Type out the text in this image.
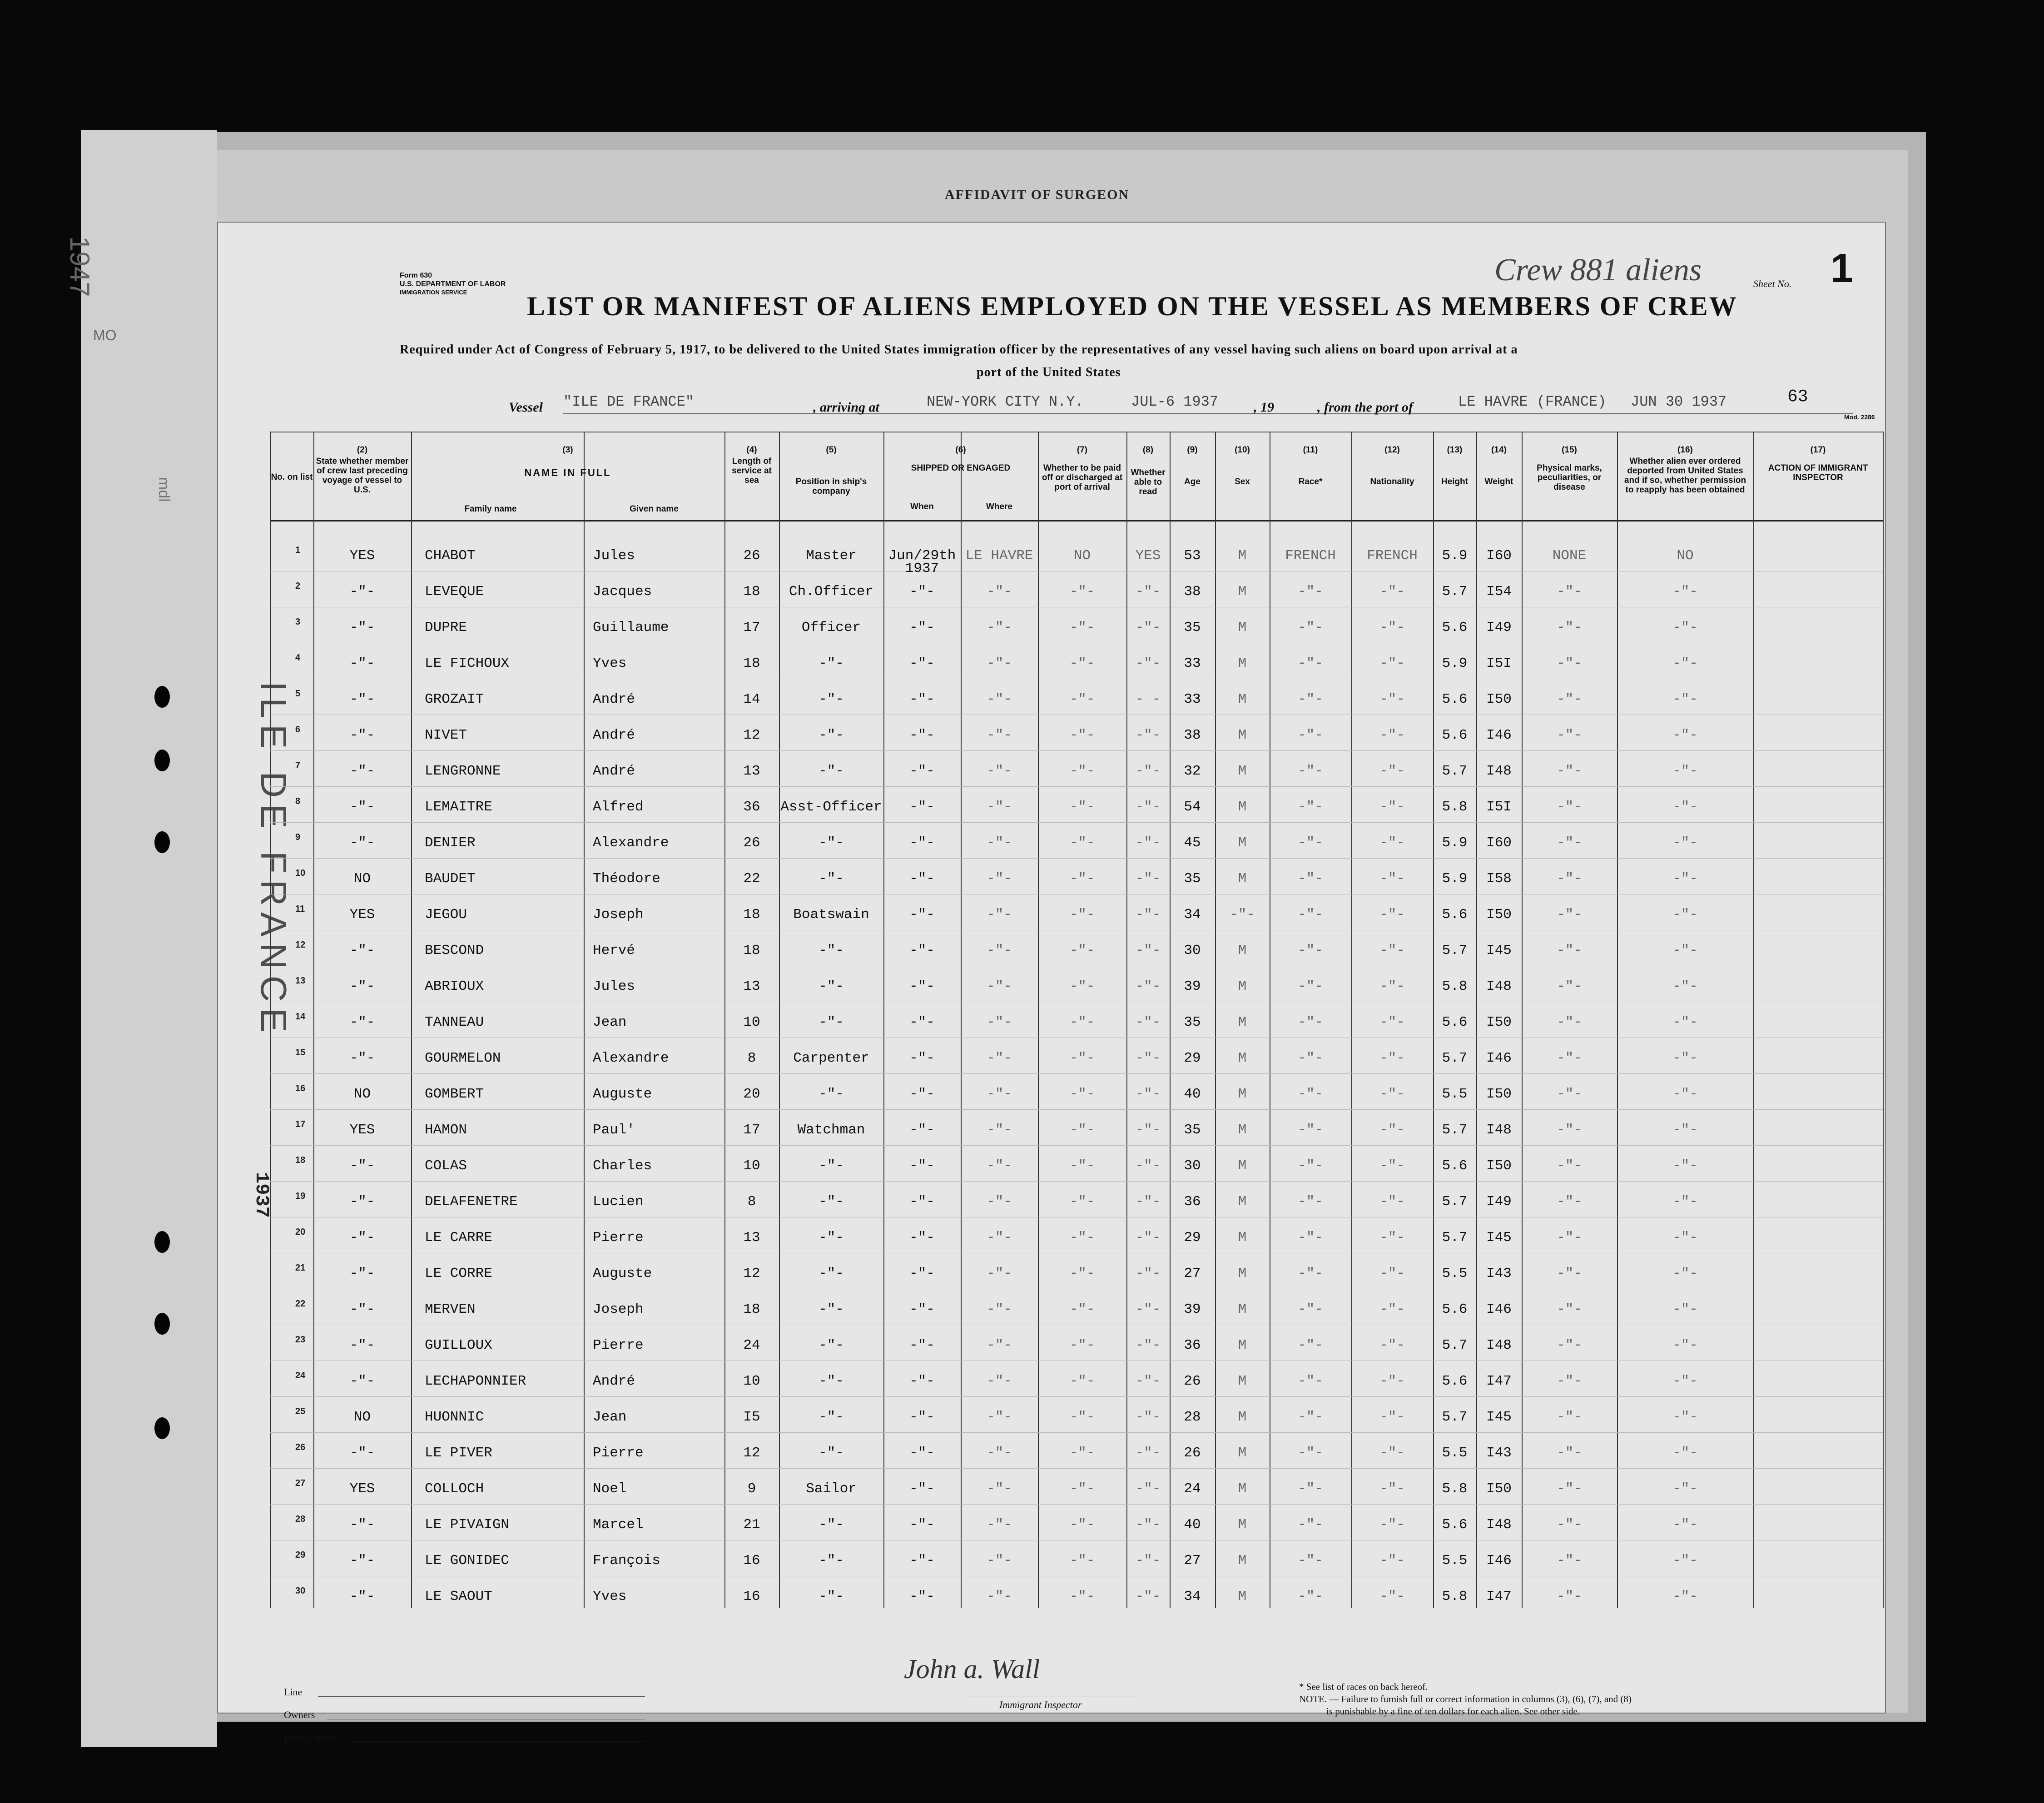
AFFIDAVIT OF SURGEON
1947
MO
mdl
ILE DE FRANCE
1937
Form 630
U.S. DEPARTMENT OF LABOR
IMMIGRATION SERVICE
Crew 881 aliens	Sheet No. 1
LIST OR MANIFEST OF ALIENS EMPLOYED ON THE VESSEL AS MEMBERS OF CREW
Required under Act of Congress of February 5, 1917, to be delivered to the United States immigration officer by the representatives of any vessel having such aliens on board upon arrival at a
port of the United States
Vessel "ILE DE FRANCE"	, arriving at	NEW-YORK CITY N.Y.	JUL-6 1937	, 19	, from the port of	LE HAVRE (FRANCE) JUN 30 1937	63
Mod. 2286
No. on list
(2)
State whether member of crew last preceding voyage of vessel to U.S.
(3)
NAME IN FULL
Family name	Given name
(4)
Length of service at sea
(5)
Position in ship's company
(6)
SHIPPED OR ENGAGED
When	Where
(7)
Whether to be paid off or discharged at port of arrival
(8)
Whether able to read
(9)
Age
(10)
Sex
(11)
Race*
(12)
Nationality
(13)
Height
(14)
Weight
(15)
Physical marks, peculiarities, or disease
(16)
Whether alien ever ordered deported from United States and if so, whether permission to reapply has been obtained
(17)
ACTION OF IMMIGRANT INSPECTOR
1	YES	CHABOT	Jules	26	Master	Jun/29th LE HAVRE	NO	YES	53	M	FRENCH	FRENCH	5.9	I60	NONE	NO
1937
2	-"-	LEVEQUE	Jacques	18	Ch.Officer	-"-	-"-	-"-	-"-	38	M	-"-	-"-	5.7	I54	-"-	-"-
3	-"-	DUPRE	Guillaume	17	Officer	-"-	-"-	-"-	-"-	35	M	-"-	-"-	5.6	I49	-"-	-"-
4	-"-	LE FICHOUX	Yves	18	-"-	-"-	-"-	-"-	-"-	33	M	-"-	-"-	5.9	I5I	-"-	-"-
5	-"-	GROZAIT	André	14	-"-	-"-	-"-	-"-	- -	33	M	-"-	-"-	5.6	I50	-"-	-"-
6	-"-	NIVET	André	12	-"-	-"-	-"-	-"-	-"-	38	M	-"-	-"-	5.6	I46	-"-	-"-
7	-"-	LENGRONNE	André	13	-"-	-"-	-"-	-"-	-"-	32	M	-"-	-"-	5.7	I48	-"-	-"-
8	-"-	LEMAITRE	Alfred	36	Asst-Officer	-"-	-"-	-"-	-"-	54	M	-"-	-"-	5.8	I5I	-"-	-"-
9	-"-	DENIER	Alexandre	26	-"-	-"-	-"-	-"-	-"-	45	M	-"-	-"-	5.9	I60	-"-	-"-
10	NO	BAUDET	Théodore	22	-"-	-"-	-"-	-"-	-"-	35	M	-"-	-"-	5.9	I58	-"-	-"-
11	YES	JEGOU	Joseph	18	Boatswain	-"-	-"-	-"-	-"-	34	-"-	-"-	-"-	5.6	I50	-"-	-"-
12	-"-	BESCOND	Hervé	18	-"-	-"-	-"-	-"-	-"-	30	M	-"-	-"-	5.7	I45	-"-	-"-
13	-"-	ABRIOUX	Jules	13	-"-	-"-	-"-	-"-	-"-	39	M	-"-	-"-	5.8	I48	-"-	-"-
14	-"-	TANNEAU	Jean	10	-"-	-"-	-"-	-"-	-"-	35	M	-"-	-"-	5.6	I50	-"-	-"-
15	-"-	GOURMELON	Alexandre	8	Carpenter	-"-	-"-	-"-	-"-	29	M	-"-	-"-	5.7	I46	-"-	-"-
16	NO	GOMBERT	Auguste	20	-"-	-"-	-"-	-"-	-"-	40	M	-"-	-"-	5.5	I50	-"-	-"-
17	YES	HAMON	Paul'	17	Watchman	-"-	-"-	-"-	-"-	35	M	-"-	-"-	5.7	I48	-"-	-"-
18	-"-	COLAS	Charles	10	-"-	-"-	-"-	-"-	-"-	30	M	-"-	-"-	5.6	I50	-"-	-"-
19	-"-	DELAFENETRE	Lucien	8	-"-	-"-	-"-	-"-	-"-	36	M	-"-	-"-	5.7	I49	-"-	-"-
20	-"-	LE CARRE	Pierre	13	-"-	-"-	-"-	-"-	-"-	29	M	-"-	-"-	5.7	I45	-"-	-"-
21	-"-	LE CORRE	Auguste	12	-"-	-"-	-"-	-"-	-"-	27	M	-"-	-"-	5.5	I43	-"-	-"-
22	-"-	MERVEN	Joseph	18	-"-	-"-	-"-	-"-	-"-	39	M	-"-	-"-	5.6	I46	-"-	-"-
23	-"-	GUILLOUX	Pierre	24	-"-	-"-	-"-	-"-	-"-	36	M	-"-	-"-	5.7	I48	-"-	-"-
24	-"-	LECHAPONNIER	André	10	-"-	-"-	-"-	-"-	-"-	26	M	-"-	-"-	5.6	I47	-"-	-"-
25	NO	HUONNIC	Jean	I5	-"-	-"-	-"-	-"-	-"-	28	M	-"-	-"-	5.7	I45	-"-	-"-
26	-"-	LE PIVER	Pierre	12	-"-	-"-	-"-	-"-	-"-	26	M	-"-	-"-	5.5	I43	-"-	-"-
27	YES	COLLOCH	Noel	9	Sailor	-"-	-"-	-"-	-"-	24	M	-"-	-"-	5.8	I50	-"-	-"-
28	-"-	LE PIVAIGN	Marcel	21	-"-	-"-	-"-	-"-	-"-	40	M	-"-	-"-	5.6	I48	-"-	-"-
29	-"-	LE GONIDEC	François	16	-"-	-"-	-"-	-"-	-"-	27	M	-"-	-"-	5.5	I46	-"-	-"-
30	-"-	LE SAOUT	Yves	16	-"-	-"-	-"-	-"-	-"-	34	M	-"-	-"-	5.8	I47	-"-	-"-
Line
Owners
Local Agents
John a. Wall
Immigrant Inspector
* See list of races on back hereof.
NOTE. — Failure to furnish full or correct information in columns (3), (6), (7), and (8)
is punishable by a fine of ten dollars for each alien. See other side.
